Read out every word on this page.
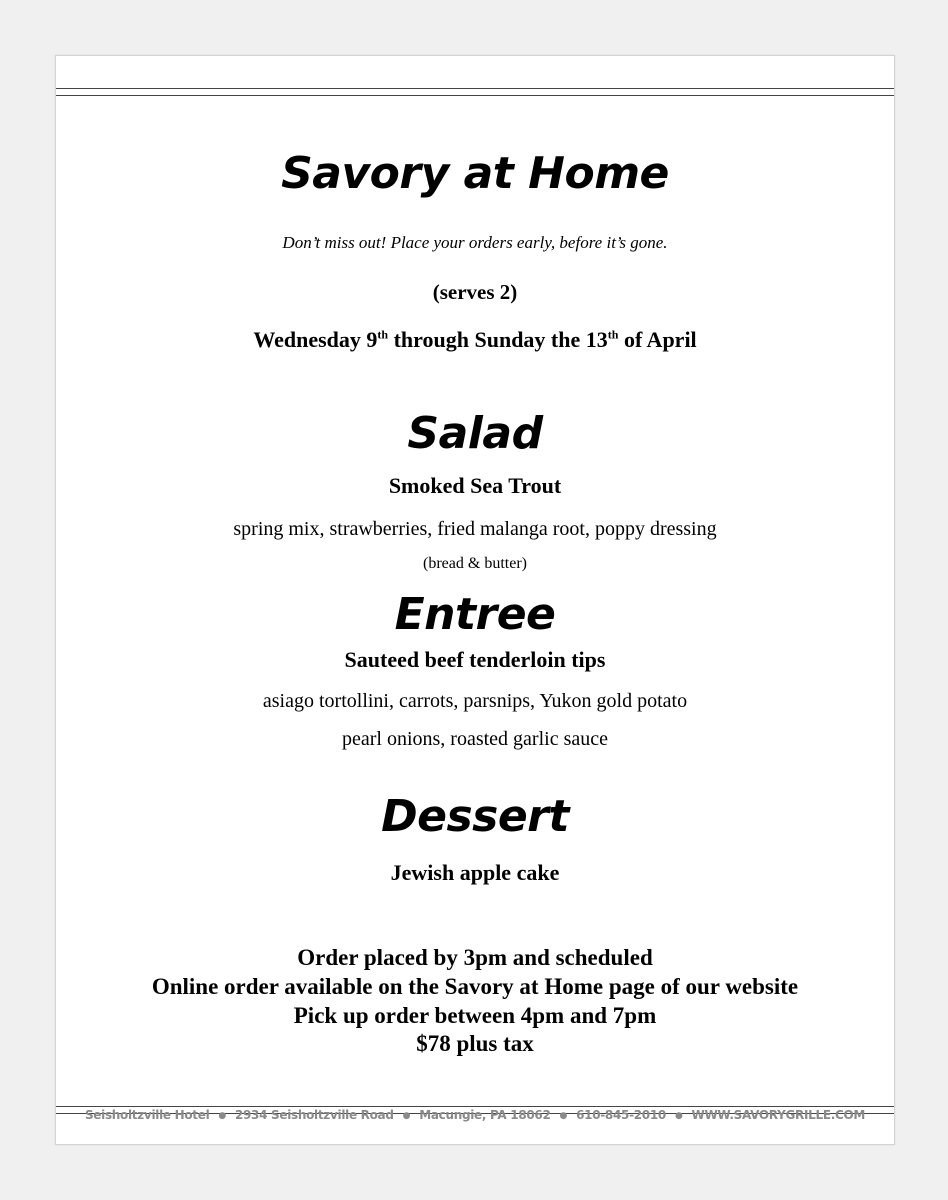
Savory at Home
Don’t miss out! Place your orders early, before it’s gone.
(serves 2)
Wednesday 9th through Sunday the 13th of April
Salad
Smoked Sea Trout
spring mix, strawberries, fried malanga root, poppy dressing
(bread & butter)
Entree
Sauteed beef tenderloin tips
asiago tortollini, carrots, parsnips, Yukon gold potato
pearl onions, roasted garlic sauce
Dessert
Jewish apple cake
Order placed by 3pm and scheduled
Online order available on the Savory at Home page of our website
Pick up order between 4pm and 7pm
$78 plus tax
Seisholtzville Hotel ● 2934 Seisholtzville Road ● Macungie, PA 18062 ● 610-845-2010 ● WWW.SAVORYGRILLE.COM
